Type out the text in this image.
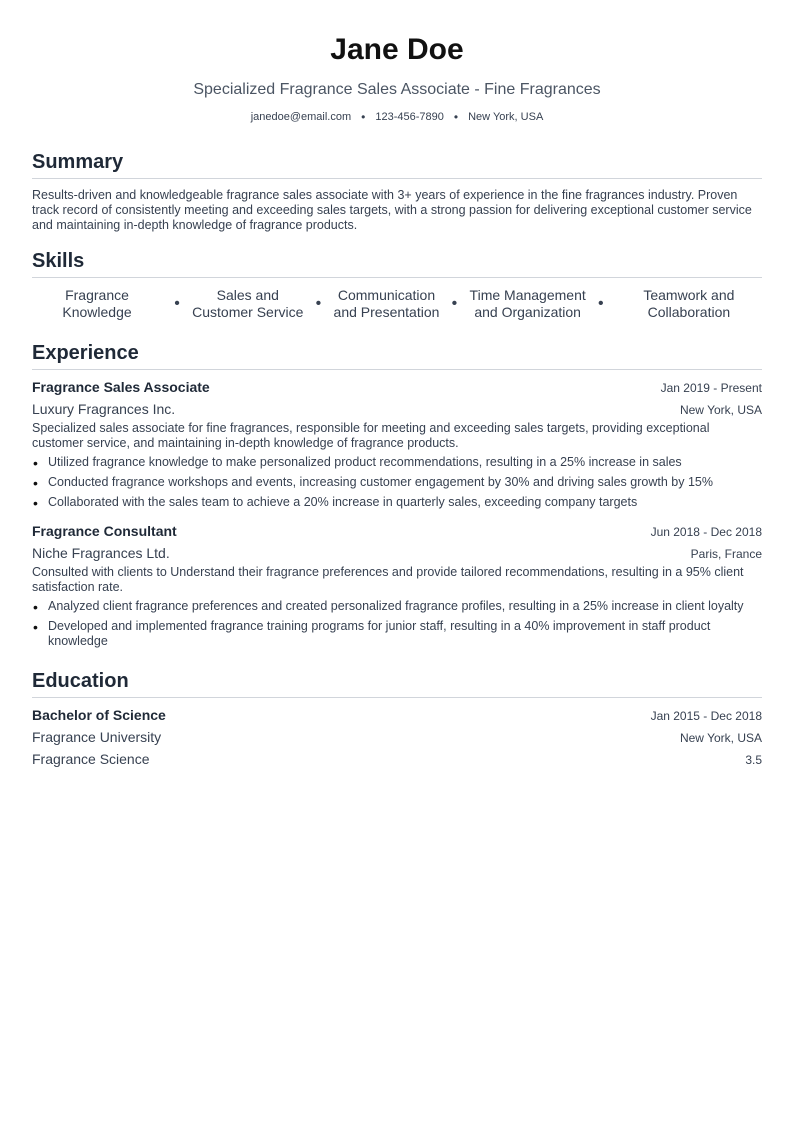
Jane Doe
Specialized Fragrance Sales Associate - Fine Fragrances
janedoe@email.com • 123-456-7890 • New York, USA
Summary
Results-driven and knowledgeable fragrance sales associate with 3+ years of experience in the fine fragrances industry. Proven track record of consistently meeting and exceeding sales targets, with a strong passion for delivering exceptional customer service and maintaining in-depth knowledge of fragrance products.
Skills
Fragrance
Knowledge	•	Sales and
Customer Service •	Communication
and Presentation • Time Management
and Organization •	Teamwork and
Collaboration
Experience
Fragrance Sales Associate	Jan 2019 - Present
Luxury Fragrances Inc.	New York, USA
Specialized sales associate for fine fragrances, responsible for meeting and exceeding sales targets, providing exceptional customer service, and maintaining in-depth knowledge of fragrance products.
• Utilized fragrance knowledge to make personalized product recommendations, resulting in a 25% increase in sales
• Conducted fragrance workshops and events, increasing customer engagement by 30% and driving sales growth by 15%
• Collaborated with the sales team to achieve a 20% increase in quarterly sales, exceeding company targets
Fragrance Consultant	Jun 2018 - Dec 2018
Niche Fragrances Ltd.	Paris, France
Consulted with clients to Understand their fragrance preferences and provide tailored recommendations, resulting in a 95% client satisfaction rate.
• Analyzed client fragrance preferences and created personalized fragrance profiles, resulting in a 25% increase in client loyalty
• Developed and implemented fragrance training programs for junior staff, resulting in a 40% improvement in staff product knowledge
Education
Bachelor of Science	Jan 2015 - Dec 2018
Fragrance University	New York, USA
Fragrance Science	3.5
